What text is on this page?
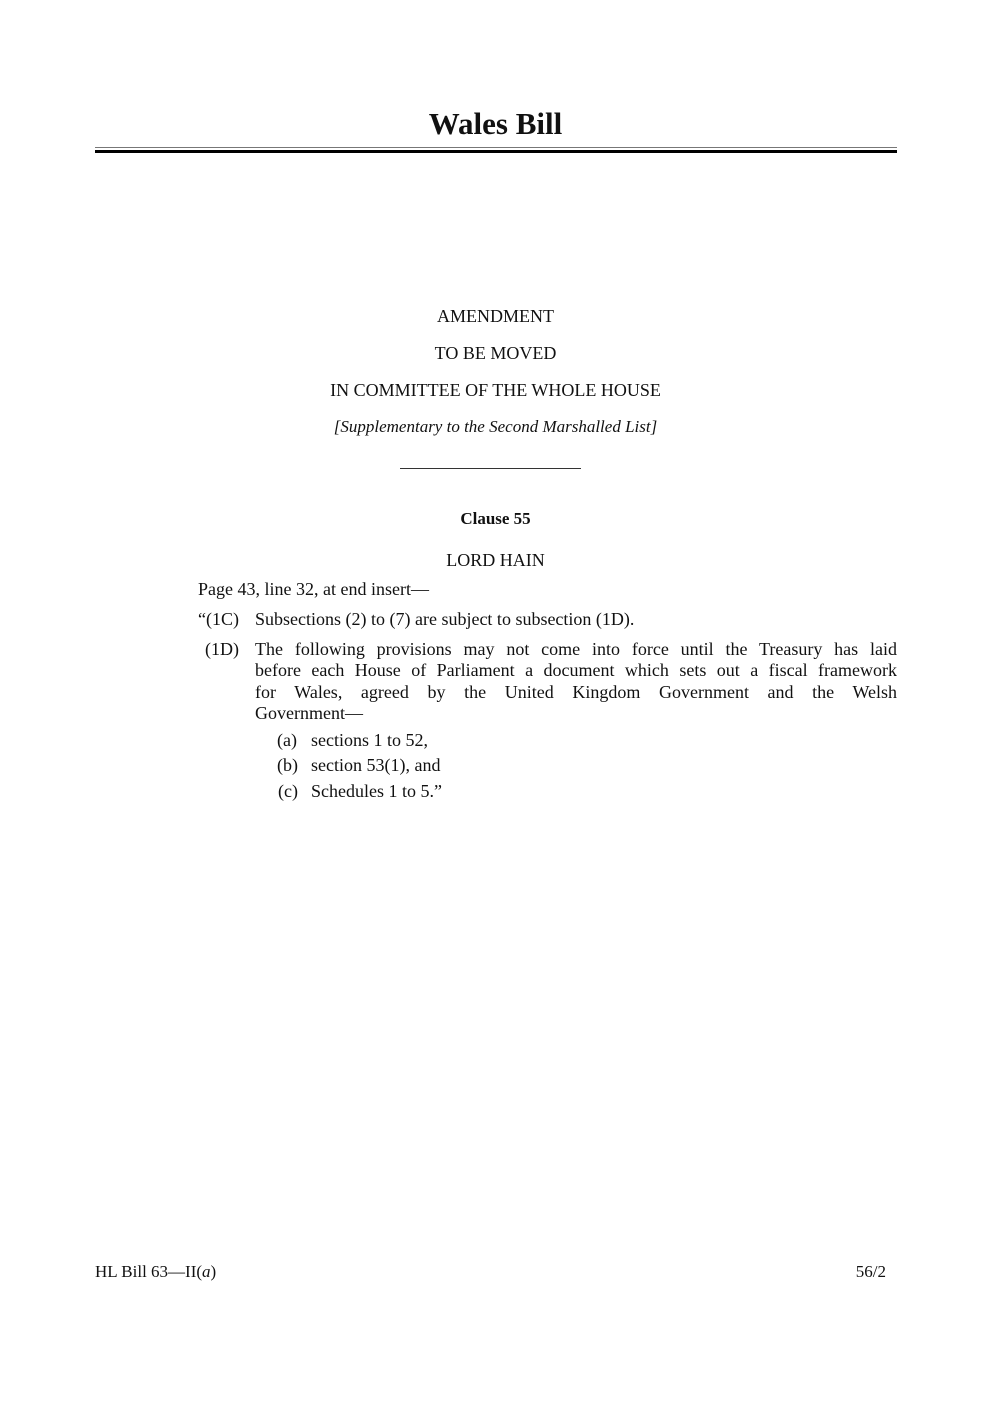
Wales Bill
AMENDMENT
TO BE MOVED
IN COMMITTEE OF THE WHOLE HOUSE
[Supplementary to the Second Marshalled List]
Clause 55
LORD HAIN
Page 43, line 32, at end insert—
“(1C) Subsections (2) to (7) are subject to subsection (1D).
(1D) The following provisions may not come into force until the Treasury has laid
before each House of Parliament a document which sets out a fiscal framework
for Wales, agreed by the United Kingdom Government and the Welsh
Government—
(a) sections 1 to 52,
(b) section 53(1), and
(c) Schedules 1 to 5.”
HL Bill 63—II(a)	56/2
